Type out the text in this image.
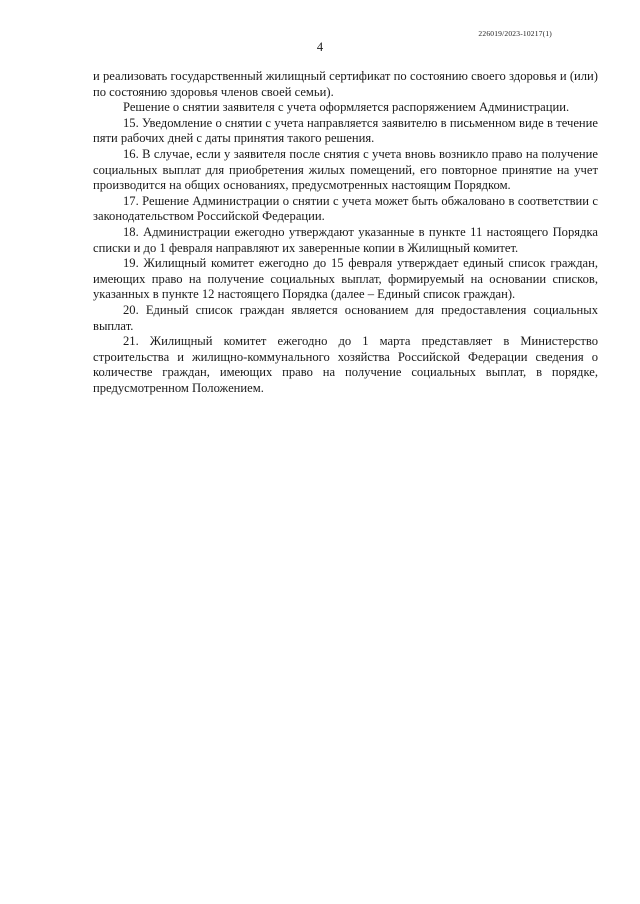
226019/2023-10217(1)
4

и реализовать государственный жилищный сертификат по состоянию своего здоровья и (или) по состоянию здоровья членов своей семьи).

Решение о снятии заявителя с учета оформляется распоряжением Администрации.

15. Уведомление о снятии с учета направляется заявителю в письменном виде в течение пяти рабочих дней с даты принятия такого решения.

16. В случае, если у заявителя после снятия с учета вновь возникло право на получение социальных выплат для приобретения жилых помещений, его повторное принятие на учет производится на общих основаниях, предусмотренных настоящим Порядком.

17. Решение Администрации о снятии с учета может быть обжаловано в соответствии с законодательством Российской Федерации.

18. Администрации ежегодно утверждают указанные в пункте 11 настоящего Порядка списки и до 1 февраля направляют их заверенные копии в Жилищный комитет.

19. Жилищный комитет ежегодно до 15 февраля утверждает единый список граждан, имеющих право на получение социальных выплат, формируемый на основании списков, указанных в пункте 12 настоящего Порядка (далее – Единый список граждан).

20. Единый список граждан является основанием для предоставления социальных выплат.

21. Жилищный комитет ежегодно до 1 марта представляет в Министерство строительства и жилищно-коммунального хозяйства Российской Федерации сведения о количестве граждан, имеющих право на получение социальных выплат, в порядке, предусмотренном Положением.
